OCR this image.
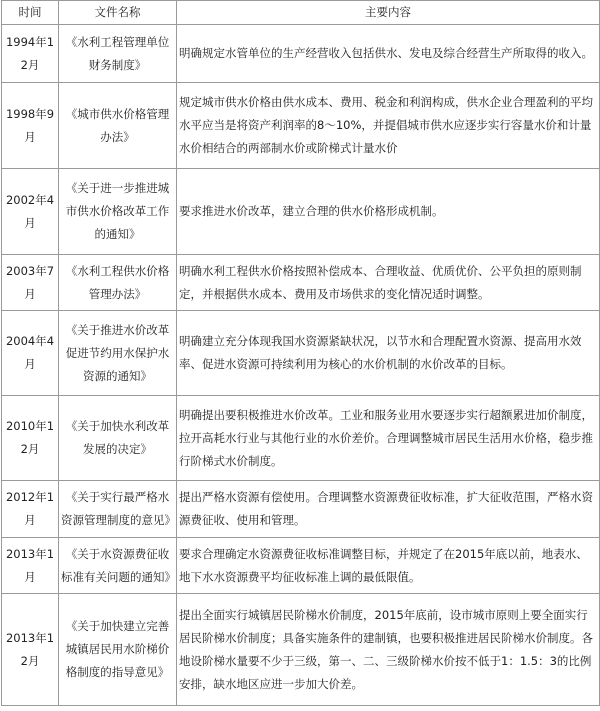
时间	文件名称	主要内容
1994年12月	《水利工程管理单位财务制度》	明确规定水管单位的生产经营收入包括供水、发电及综合经营生产所取得的收入。
1998年9月	《城市供水价格管理办法》	规定城市供水价格由供水成本、费用、税金和利润构成，供水企业合理盈利的平均水平应当是将资产利润率的8～10%，并提倡城市供水应逐步实行容量水价和计量水价相结合的两部制水价或阶梯式计量水价
2002年4月	《关于进一步推进城市供水价格改革工作的通知》	要求推进水价改革，建立合理的供水价格形成机制。
2003年7月	《水利工程供水价格管理办法》	明确水利工程供水价格按照补偿成本、合理收益、优质优价、公平负担的原则制定，并根据供水成本、费用及市场供求的变化情况适时调整。
2004年4月	《关于推进水价改革促进节约用水保护水资源的通知》	明确建立充分体现我国水资源紧缺状况，以节水和合理配置水资源、提高用水效率、促进水资源可持续利用为核心的水价机制的水价改革的目标。
2010年12月	《关于加快水利改革发展的决定》	明确提出要积极推进水价改革。工业和服务业用水要逐步实行超额累进加价制度，拉开高耗水行业与其他行业的水价差价。合理调整城市居民生活用水价格，稳步推行阶梯式水价制度。
2012年1月	《关于实行最严格水资源管理制度的意见》	提出严格水资源有偿使用。合理调整水资源费征收标准，扩大征收范围，严格水资源费征收、使用和管理。
2013年1月	《关于水资源费征收标准有关问题的通知》	要求合理确定水资源费征收标准调整目标，并规定了在2015年底以前，地表水、地下水水资源费平均征收标准上调的最低限值。
2013年12月	《关于加快建立完善城镇居民用水阶梯价格制度的指导意见》	提出全面实行城镇居民阶梯水价制度，2015年底前，设市城市原则上要全面实行居民阶梯水价制度；具备实施条件的建制镇，也要积极推进居民阶梯水价制度。各地设阶梯水量要不少于三级，第一、二、三级阶梯水价按不低于1：1.5：3的比例安排，缺水地区应进一步加大价差。
